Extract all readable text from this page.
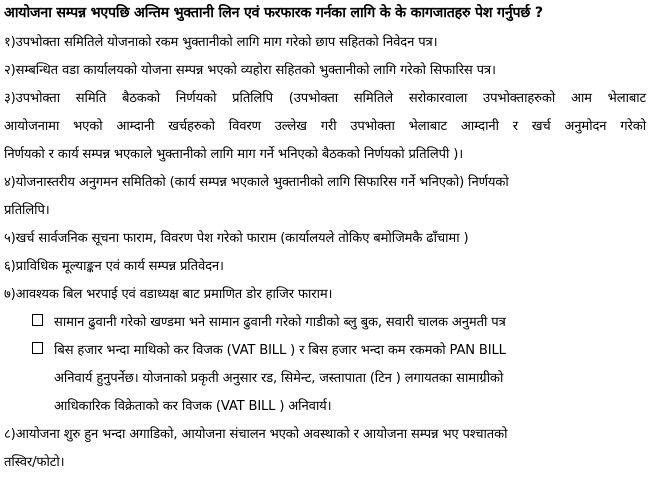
आयोजना सम्पन्न भएपछि अन्तिम भुक्तानी लिन एवं फरफारक गर्नका लागि के के कागजातहरु पेश गर्नुपर्छ ?
१)उपभोक्ता समितिले योजनाको रकम भुक्तानीको लागि माग गरेको छाप सहितको निवेदन पत्र।
२)सम्बन्धित वडा कार्यालयको योजना सम्पन्न भएको व्यहोरा सहितको भुक्तानीको लागि गरेको सिफारिस पत्र।
३)उपभोक्ता समिति बैठकको निर्णयको प्रतिलिपि (उपभोक्ता समितिले सरोकारवाला उपभोक्ताहरुको आम भेलाबाट
आयोजनामा भएको आम्दानी खर्चहरुको विवरण उल्लेख गरी उपभोक्ता भेलाबाट आम्दानी र खर्च अनुमोदन गरेको
निर्णयको र कार्य सम्पन्न भएकाले भुक्तानीको लागि माग गर्ने भनिएको बैठकको निर्णयको प्रतिलिपी )।
४)योजनास्तरीय अनुगमन समितिको (कार्य सम्पन्न भएकाले भुक्तानीको लागि सिफारिस गर्ने भनिएको) निर्णयको
प्रतिलिपि।
५)खर्च सार्वजनिक सूचना फाराम, विवरण पेश गरेको फाराम (कार्यालयले तोकिए बमोजिमकै ढाँचामा )
६)प्राविधिक मूल्याङ्कन एवं कार्य सम्पन्न प्रतिवेदन।
७)आवश्यक बिल भरपाई एवं वडाध्यक्ष बाट प्रमाणित डोर हाजिर फाराम।
सामान ढुवानी गरेको खण्डमा भने सामान ढुवानी गरेको गाडीको ब्लु बुक, सवारी चालक अनुमती पत्र
बिस हजार भन्दा माथिको कर विजक (VAT BILL ) र बिस हजार भन्दा कम रकमको PAN BILL
अनिवार्य हुनुपर्नेछ। योजनाको प्रकृती अनुसार रड, सिमेन्ट, जस्तापाता (टिन ) लगायतका सामाग्रीको
आधिकारिक विक्रेताको कर विजक (VAT BILL ) अनिवार्य।
८)आयोजना शुरु हुन भन्दा अगाडिको, आयोजना संचालन भएको अवस्थाको र आयोजना सम्पन्न भए पश्चातको
तस्विर/फोटो।
